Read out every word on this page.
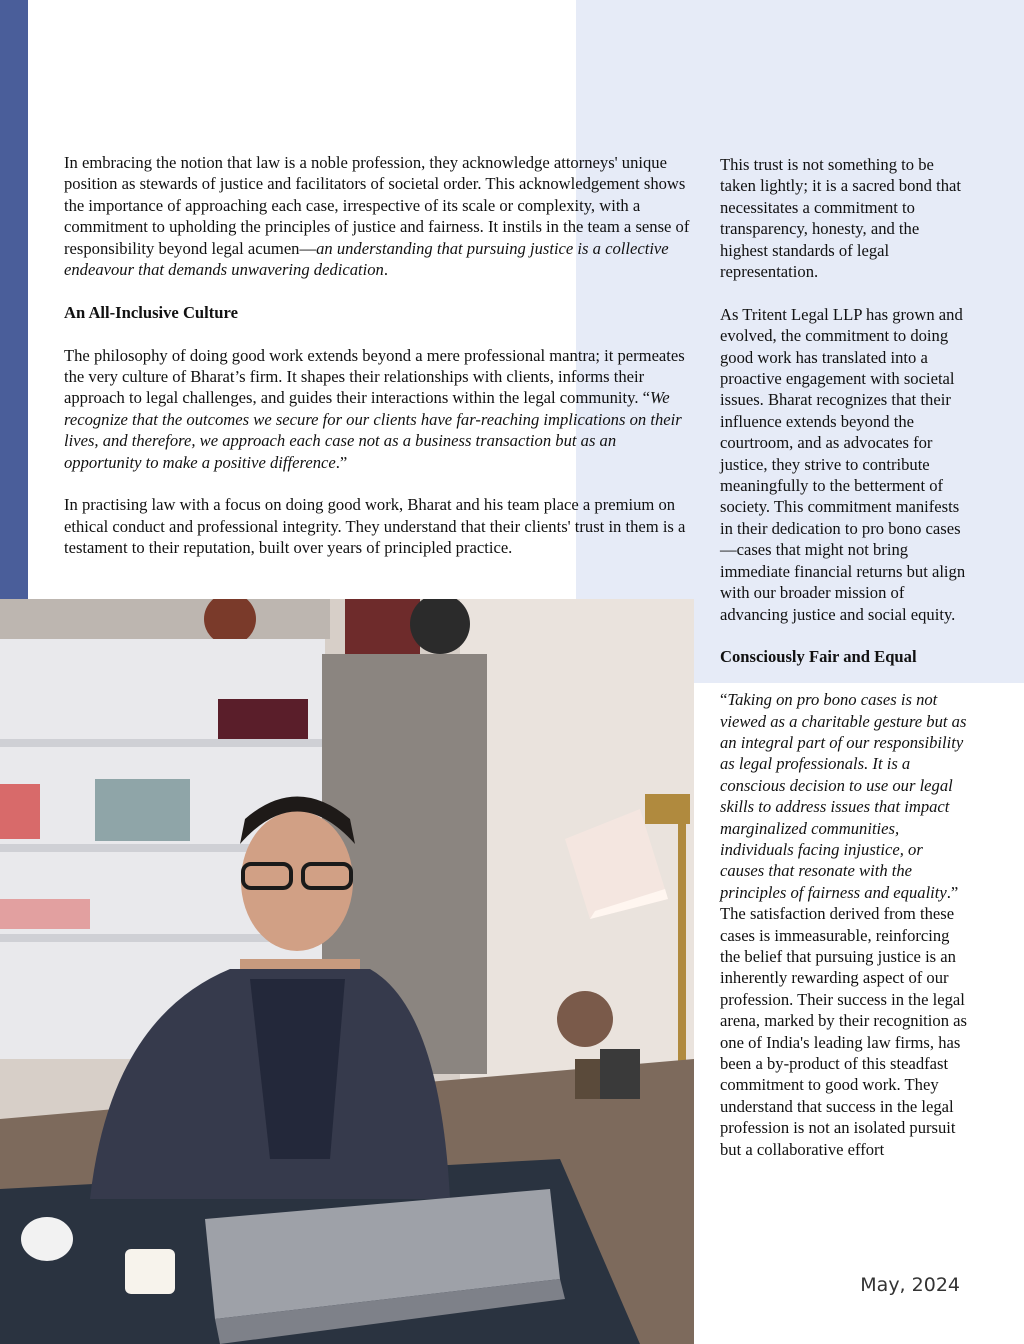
In embracing the notion that law is a noble profession, they acknowledge attorneys' unique position as stewards of justice and facilitators of societal order. This acknowledgement shows the importance of approaching each case, irrespective of its scale or complexity, with a commitment to upholding the principles of justice and fairness. It instils in the team a sense of responsibility beyond legal acumen—an understanding that pursuing justice is a collective endeavour that demands unwavering dedication.

An All-Inclusive Culture

The philosophy of doing good work extends beyond a mere professional mantra; it permeates the very culture of Bharat’s firm. It shapes their relationships with clients, informs their approach to legal challenges, and guides their interactions within the legal community. “We recognize that the outcomes we secure for our clients have far-reaching implications on their lives, and therefore, we approach each case not as a business transaction but as an opportunity to make a positive difference.”

In practising law with a focus on doing good work, Bharat and his team place a premium on ethical conduct and professional integrity. They understand that their clients' trust in them is a testament to their reputation, built over years of principled practice.

This trust is not something to be taken lightly; it is a sacred bond that necessitates a commitment to transparency, honesty, and the highest standards of legal representation.

As Tritent Legal LLP has grown and evolved, the commitment to doing good work has translated into a proactive engagement with societal issues. Bharat recognizes that their influence extends beyond the courtroom, and as advocates for justice, they strive to contribute meaningfully to the betterment of society. This commitment manifests in their dedication to pro bono cases—cases that might not bring immediate financial returns but align with our broader mission of advancing justice and social equity.

Consciously Fair and Equal

“Taking on pro bono cases is not viewed as a charitable gesture but as an integral part of our responsibility as legal professionals. It is a conscious decision to use our legal skills to address issues that impact marginalized communities, individuals facing injustice, or causes that resonate with the principles of fairness and equality.” The satisfaction derived from these cases is immeasurable, reinforcing the belief that pursuing justice is an inherently rewarding aspect of our profession. Their success in the legal arena, marked by their recognition as one of India's leading law firms, has been a by-product of this steadfast commitment to good work. They understand that success in the legal profession is not an isolated pursuit but a collaborative effort

May, 2024
